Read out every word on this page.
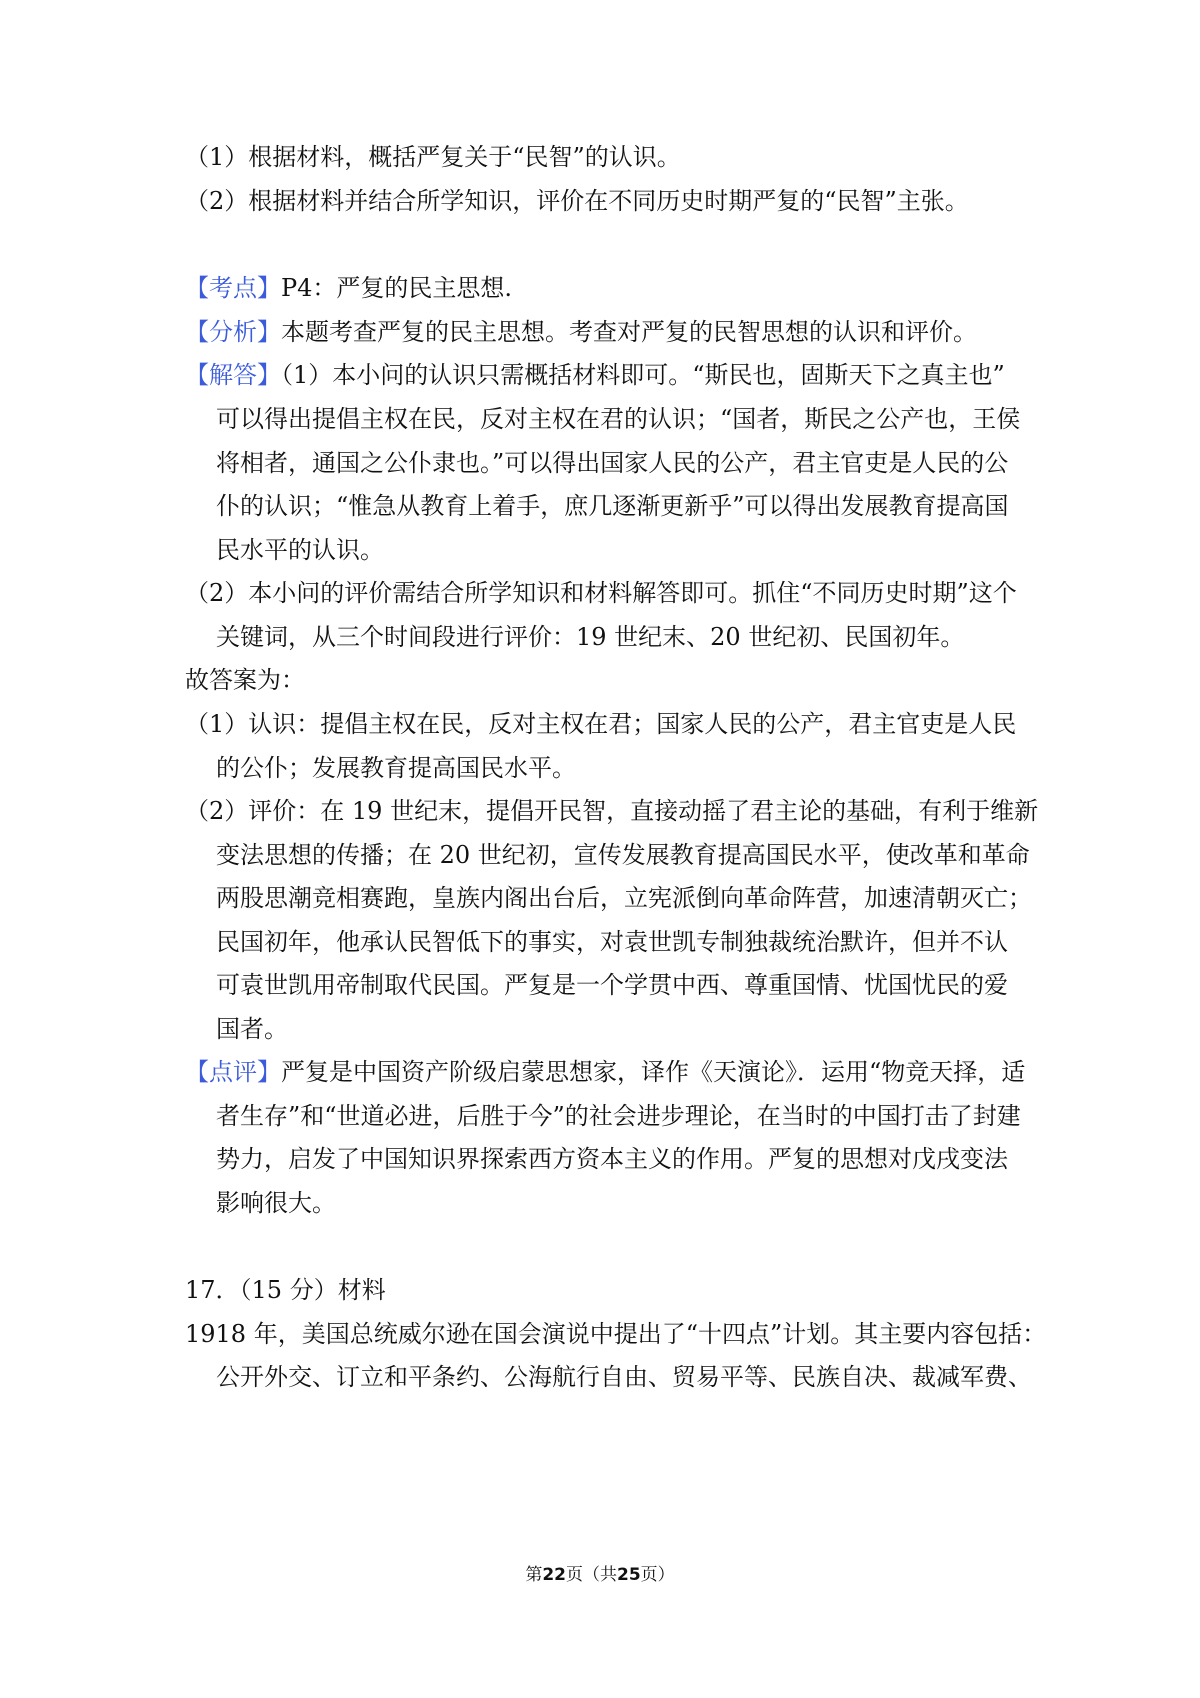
（1）根据材料，概括严复关于“民智”的认识。
（2）根据材料并结合所学知识，评价在不同历史时期严复的“民智”主张。
【考点】P4：严复的民主思想.
【分析】本题考查严复的民主思想。考查对严复的民智思想的认识和评价。
【解答】（1）本小问的认识只需概括材料即可。“斯民也，固斯天下之真主也”
可以得出提倡主权在民，反对主权在君的认识；“国者，斯民之公产也，王侯
将相者，通国之公仆隶也。”可以得出国家人民的公产，君主官吏是人民的公
仆的认识；“惟急从教育上着手，庶几逐渐更新乎”可以得出发展教育提高国
民水平的认识。
（2）本小问的评价需结合所学知识和材料解答即可。抓住“不同历史时期”这个
关键词，从三个时间段进行评价：19 世纪末、20 世纪初、民国初年。
故答案为：
（1）认识：提倡主权在民，反对主权在君；国家人民的公产，君主官吏是人民
的公仆；发展教育提高国民水平。
（2）评价：在 19 世纪末，提倡开民智，直接动摇了君主论的基础，有利于维新
变法思想的传播；在 20 世纪初，宣传发展教育提高国民水平，使改革和革命
两股思潮竞相赛跑，皇族内阁出台后，立宪派倒向革命阵营，加速清朝灭亡；
民国初年，他承认民智低下的事实，对袁世凯专制独裁统治默许，但并不认
可袁世凯用帝制取代民国。严复是一个学贯中西、尊重国情、忧国忧民的爱
国者。
【点评】严复是中国资产阶级启蒙思想家，译作《天演论》．运用“物竞天择，适
者生存”和“世道必进，后胜于今”的社会进步理论，在当时的中国打击了封建
势力，启发了中国知识界探索西方资本主义的作用。严复的思想对戊戌变法
影响很大。
17．（15 分）材料
1918 年，美国总统威尔逊在国会演说中提出了“十四点”计划。其主要内容包括：
公开外交、订立和平条约、公海航行自由、贸易平等、民族自决、裁减军费、
第22页（共25页）
